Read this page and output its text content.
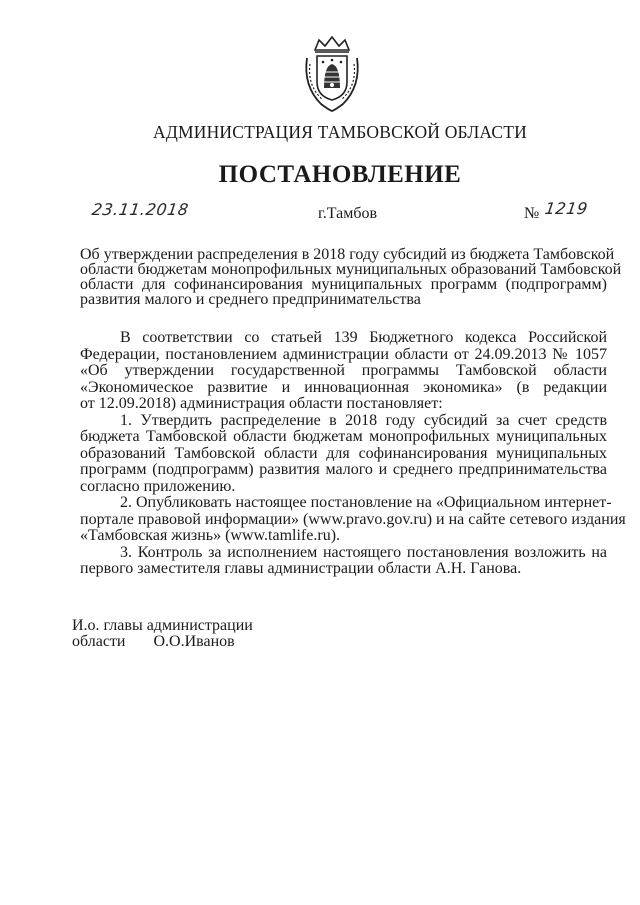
АДМИНИСТРАЦИЯ ТАМБОВСКОЙ ОБЛАСТИ
ПОСТАНОВЛЕНИЕ
23.11.2018	г.Тамбов	№ 1219
Об утверждении распределения в 2018 году субсидий из бюджета Тамбовской
области бюджетам монопрофильных муниципальных образований Тамбовской
области для софинансирования муниципальных программ (подпрограмм)
развития малого и среднего предпринимательства
В соответствии со статьей 139 Бюджетного кодекса Российской
Федерации, постановлением администрации области от 24.09.2013 № 1057
«Об утверждении государственной программы Тамбовской области
«Экономическое развитие и инновационная экономика» (в редакции
от 12.09.2018) администрация области постановляет:
1. Утвердить распределение в 2018 году субсидий за счет средств
бюджета Тамбовской области бюджетам монопрофильных муниципальных
образований Тамбовской области для софинансирования муниципальных
программ (подпрограмм) развития малого и среднего предпринимательства
согласно приложению.
2. Опубликовать настоящее постановление на «Официальном интернет-
портале правовой информации» (www.pravo.gov.ru) и на сайте сетевого издания
«Тамбовская жизнь» (www.tamlife.ru).
3. Контроль за исполнением настоящего постановления возложить на
первого заместителя главы администрации области А.Н. Ганова.
И.о. главы администрации
области О.О.Иванов
